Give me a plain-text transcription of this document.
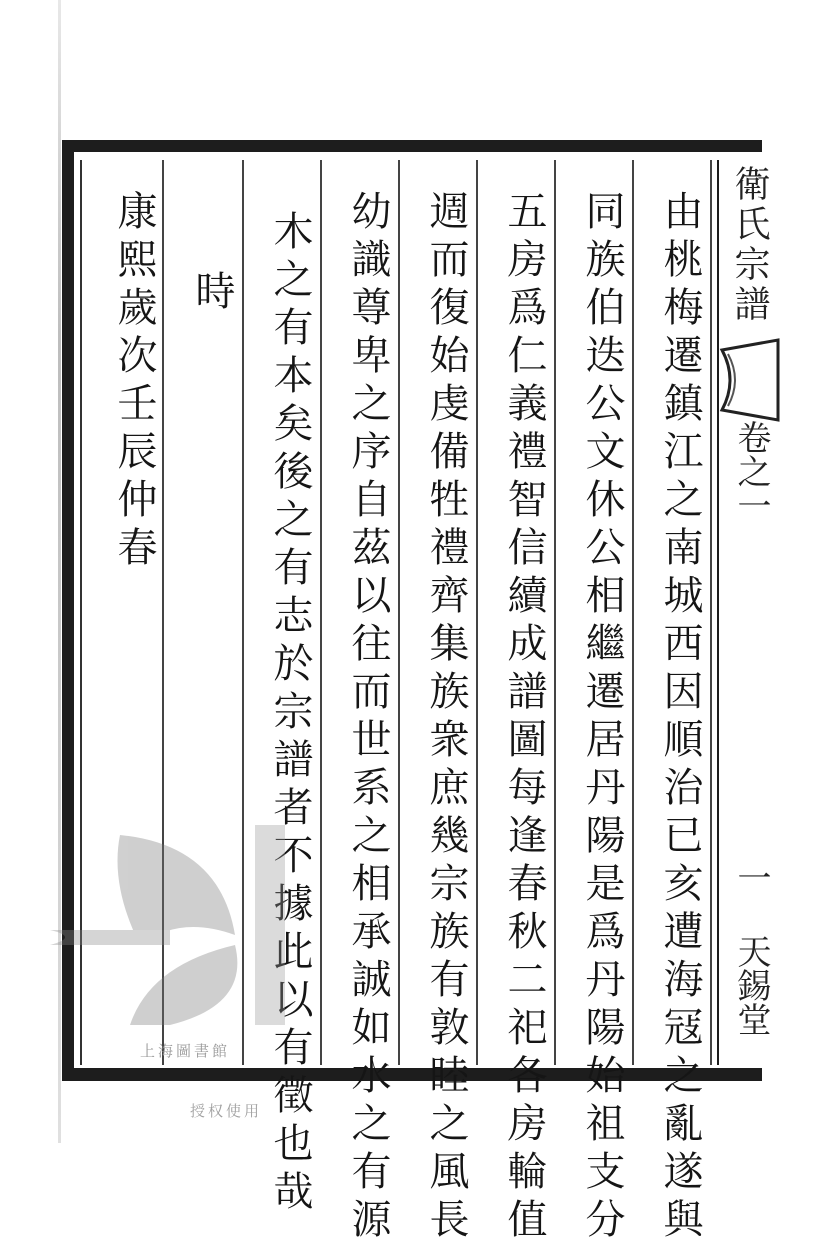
由桃梅遷鎮江之南城西因順治已亥遭海冦之亂遂與
同族伯迭公文休公相繼遷居丹陽是爲丹陽始祖支分
五房爲仁義禮智信續成譜圖每逢春秋二祀各房輪值
週而復始虔備牲禮齊集族衆庶幾宗族有敦睦之風長
幼識尊卑之序自茲以往而世系之相承誠如水之有源
木之有本矣後之有志於宗譜者不據此以有徵也哉
時
康熙歲次壬辰仲春	衛氏宗譜
卷之一
一 天錫堂
上海圖書館
授权使用
